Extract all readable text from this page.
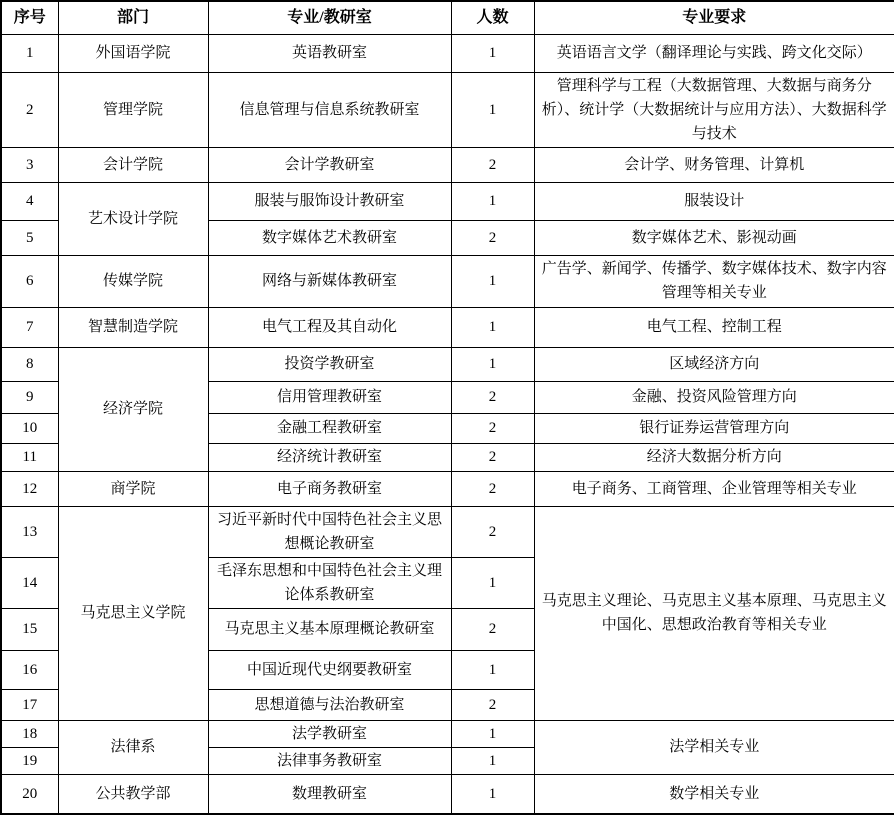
序号	部门	专业/教研室	人数	专业要求
1	外国语学院	英语教研室	1	英语语言文学（翻译理论与实践、跨文化交际）
2	管理学院	信息管理与信息系统教研室	1	管理科学与工程（大数据管理、大数据与商务分析）、统计学（大数据统计与应用方法）、大数据科学与技术
3	会计学院	会计学教研室	2	会计学、财务管理、计算机
4	艺术设计学院	服装与服饰设计教研室	1	服装设计
5		数字媒体艺术教研室	2	数字媒体艺术、影视动画
6	传媒学院	网络与新媒体教研室	1	广告学、新闻学、传播学、数字媒体技术、数字内容管理等相关专业
7	智慧制造学院	电气工程及其自动化	1	电气工程、控制工程
8	经济学院	投资学教研室	1	区域经济方向
9		信用管理教研室	2	金融、投资风险管理方向
10		金融工程教研室	2	银行证券运营管理方向
11		经济统计教研室	2	经济大数据分析方向
12	商学院	电子商务教研室	2	电子商务、工商管理、企业管理等相关专业
13	马克思主义学院	习近平新时代中国特色社会主义思想概论教研室	2	马克思主义理论、马克思主义基本原理、马克思主义中国化、思想政治教育等相关专业
14		毛泽东思想和中国特色社会主义理论体系教研室	1	
15		马克思主义基本原理概论教研室	2	
16		中国近现代史纲要教研室	1	
17		思想道德与法治教研室	2	
18	法律系	法学教研室	1	法学相关专业
19		法律事务教研室	1	
20	公共教学部	数理教研室	1	数学相关专业
